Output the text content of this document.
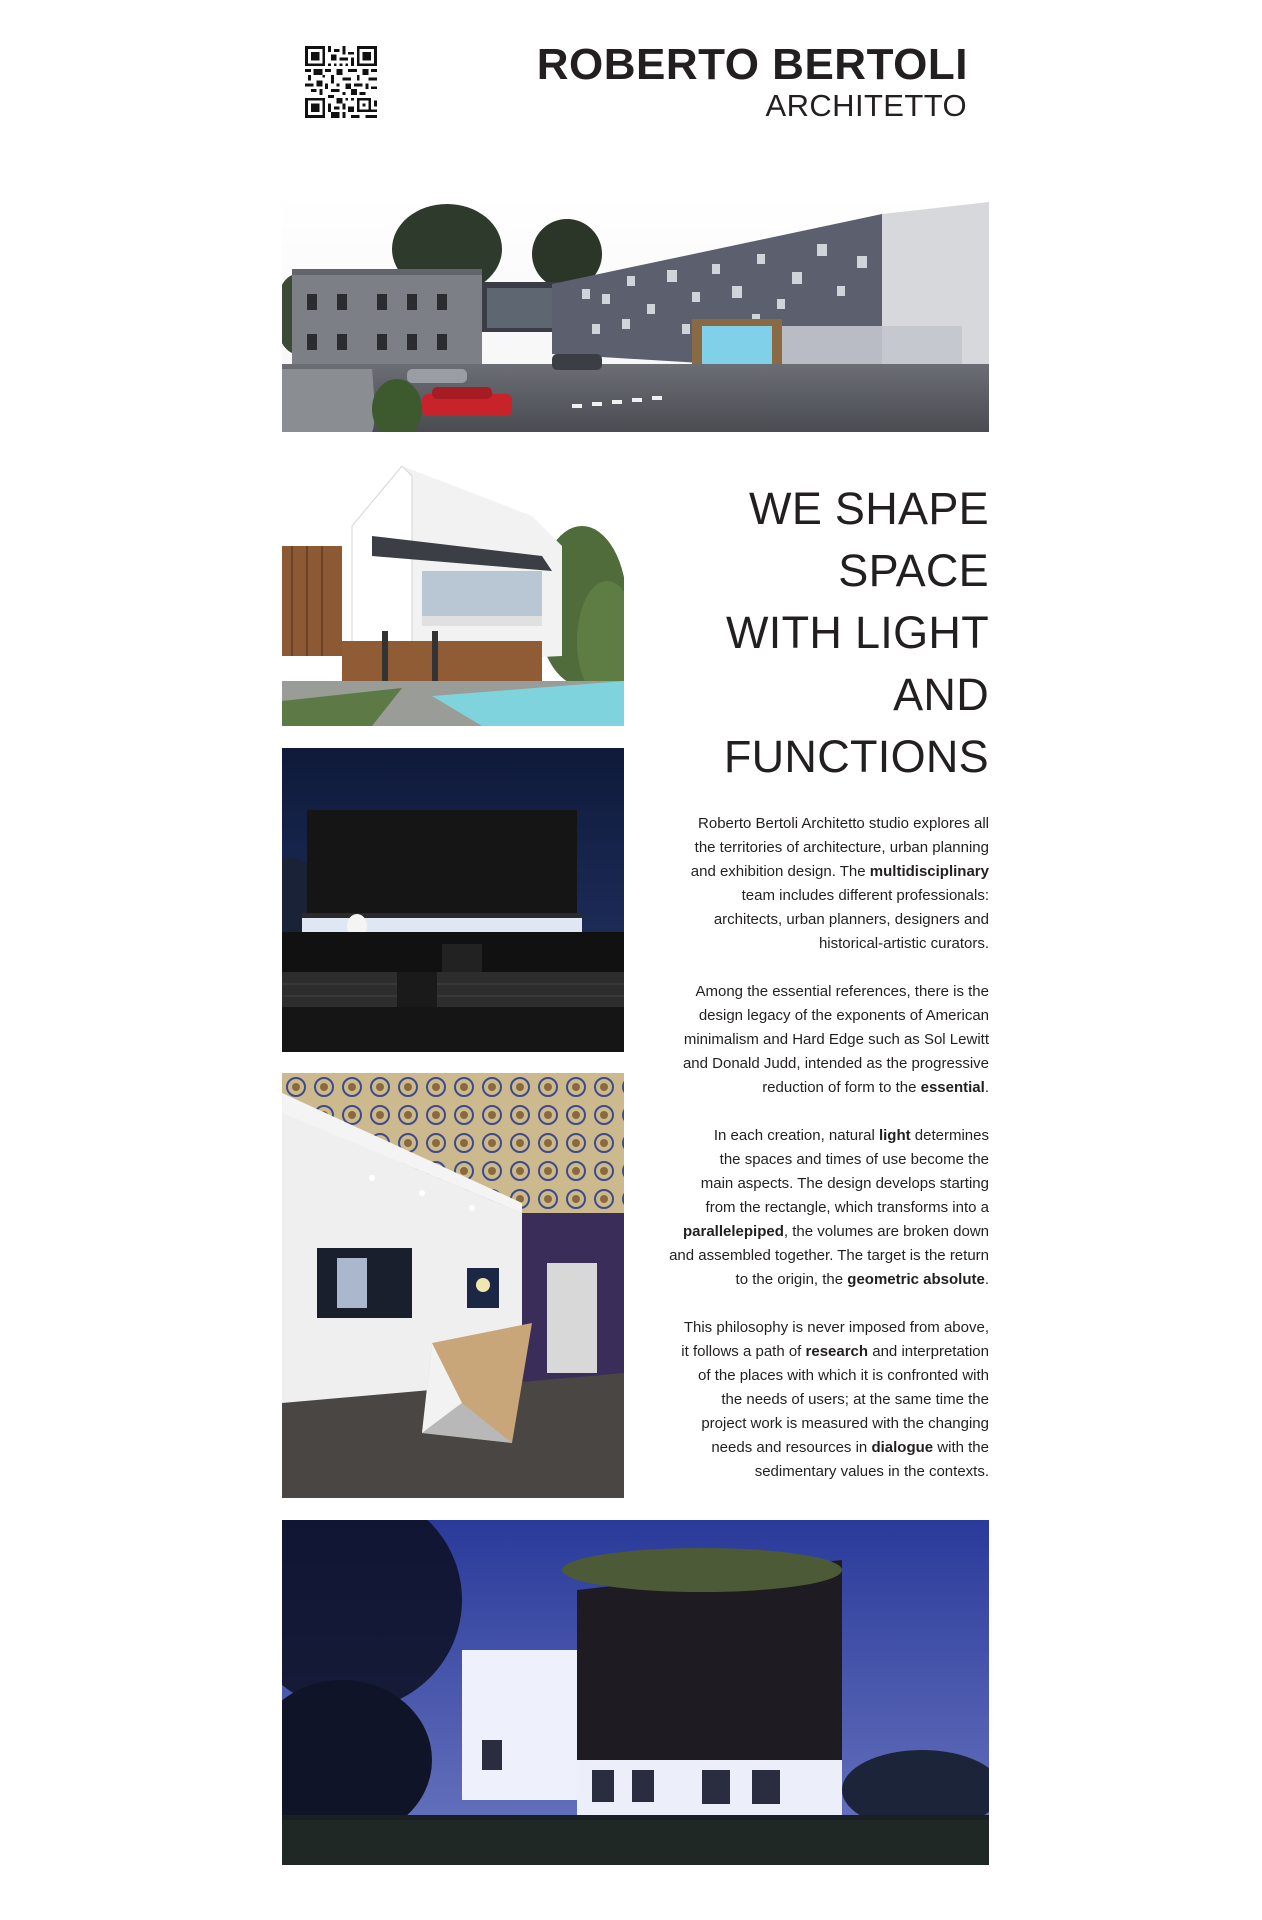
ROBERTO BERTOLI
ARCHITETTO
WE SHAPE
SPACE
WITH LIGHT
AND
FUNCTIONS

Roberto Bertoli Architetto studio explores all
the territories of architecture, urban planning
and exhibition design. The multidisciplinary
team includes different professionals:
architects, urban planners, designers and
historical-artistic curators.

Among the essential references, there is the
design legacy of the exponents of American
minimalism and Hard Edge such as Sol Lewitt
and Donald Judd, intended as the progressive
reduction of form to the essential.

In each creation, natural light determines
the spaces and times of use become the
main aspects. The design develops starting
from the rectangle, which transforms into a
parallelepiped, the volumes are broken down
and assembled together. The target is the return
to the origin, the geometric absolute.

This philosophy is never imposed from above,
it follows a path of research and interpretation
of the places with which it is confronted with
the needs of users; at the same time the
project work is measured with the changing
needs and resources in dialogue with the
sedimentary values in the contexts.
